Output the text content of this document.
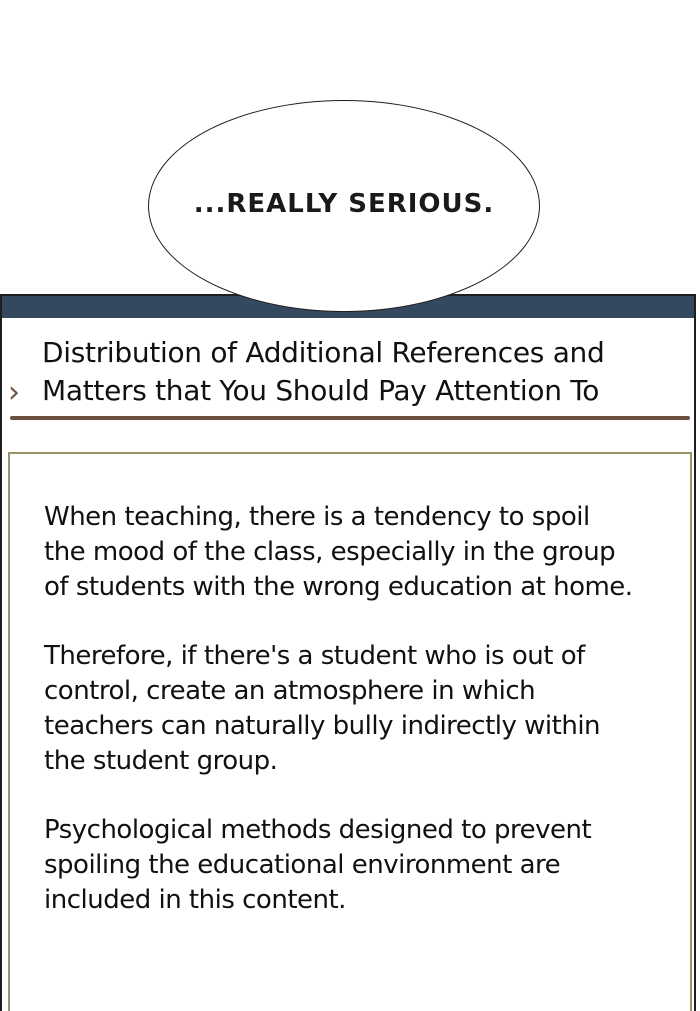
›
Distribution of Additional References and
Matters that You Should Pay Attention To

When teaching, there is a tendency to spoil
the mood of the class, especially in the group
of students with the wrong education at home.

Therefore, if there's a student who is out of
control, create an atmosphere in which
teachers can naturally bully indirectly within
the student group.

Psychological methods designed to prevent
spoiling the educational environment are
included in this content.

...REALLY SERIOUS.
